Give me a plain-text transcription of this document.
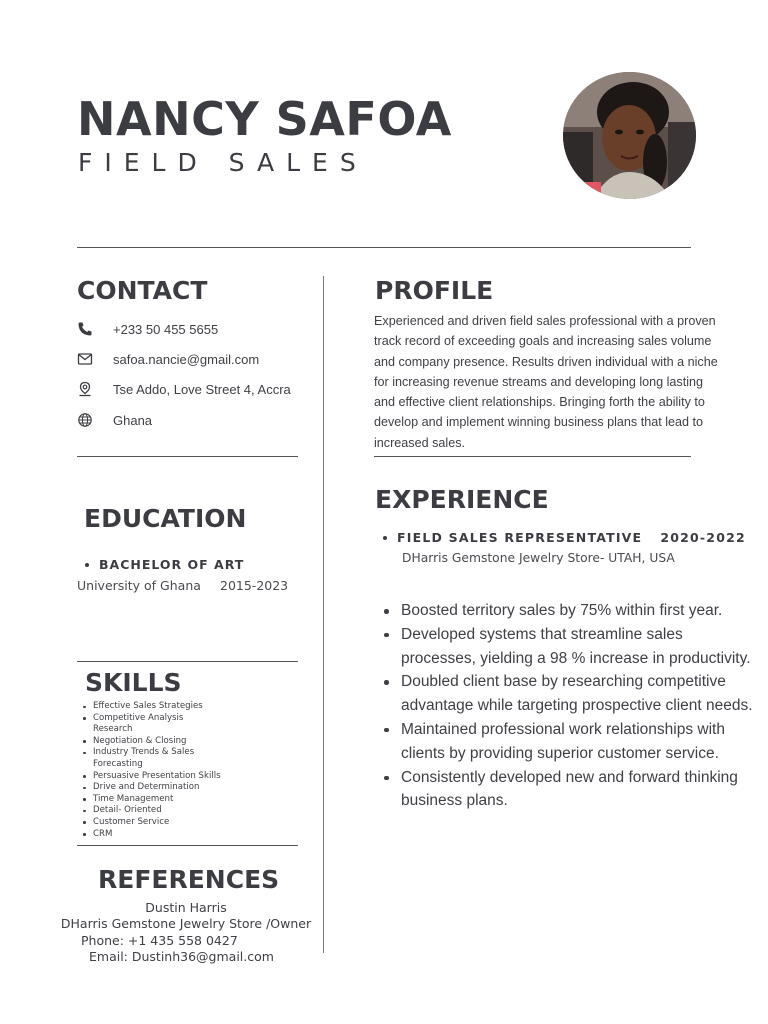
NANCY SAFOA
FIELD SALES
CONTACT
+233 50 455 5655
safoa.nancie@gmail.com
Tse Addo, Love Street 4, Accra
Ghana
EDUCATION
BACHELOR OF ART
University of Ghana 2015-2023
SKILLS
Effective Sales Strategies
Competitive Analysis Research
Negotiation & Closing
Industry Trends & Sales Forecasting
Persuasive Presentation Skills
Drive and Determination
Time Management
Detail- Oriented
Customer Service
CRM
REFERENCES
Dustin Harris
DHarris Gemstone Jewelry Store /Owner
Phone: +1 435 558 0427
Email: Dustinh36@gmail.com
PROFILE
Experienced and driven field sales professional with a proven track record of exceeding goals and increasing sales volume and company presence. Results driven individual with a niche for increasing revenue streams and developing long lasting and effective client relationships. Bringing forth the ability to develop and implement winning business plans that lead to increased sales.
EXPERIENCE
FIELD SALES REPRESENTATIVE 2020-2022
DHarris Gemstone Jewelry Store- UTAH, USA
Boosted territory sales by 75% within first year.
Developed systems that streamline sales processes, yielding a 98 % increase in productivity.
Doubled client base by researching competitive advantage while targeting prospective client needs.
Maintained professional work relationships with clients by providing superior customer service.
Consistently developed new and forward thinking business plans.
